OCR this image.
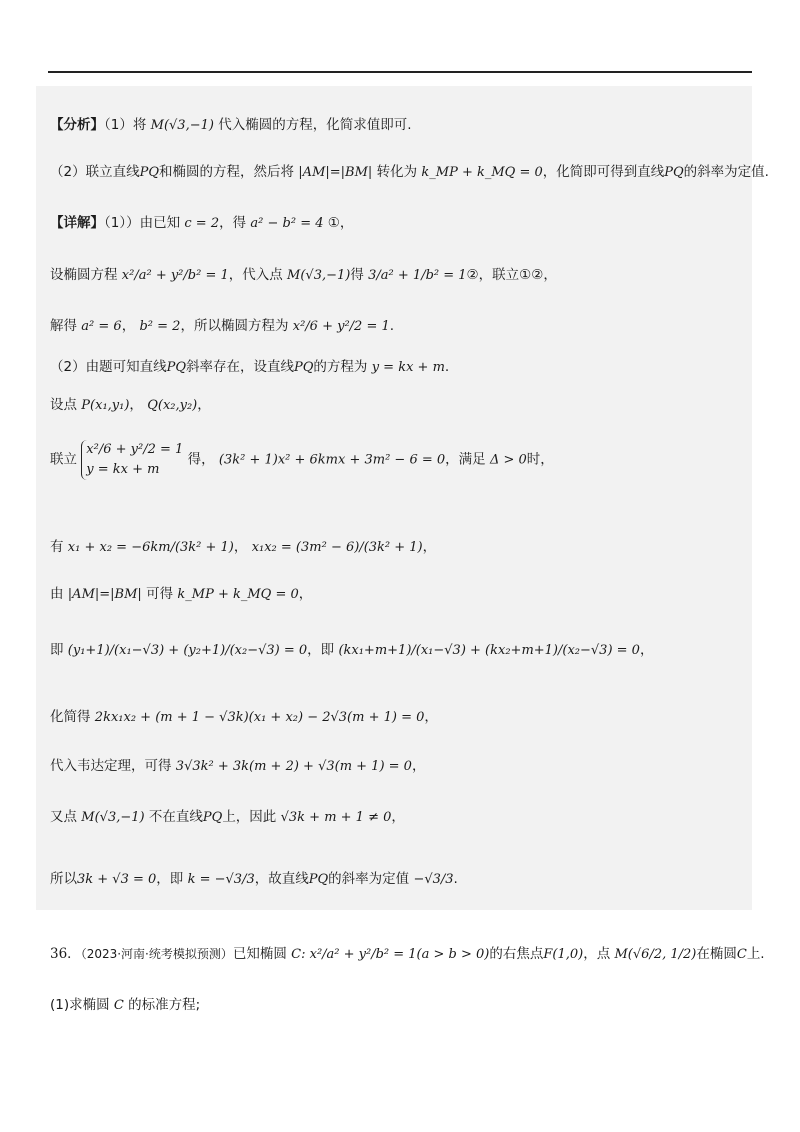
【分析】（1）将 M(√3,−1) 代入椭圆的方程，化简求值即可.
（2）联立直线PQ和椭圆的方程，然后将 |AM|=|BM| 转化为 k_MP + k_MQ = 0，化简即可得到直线PQ的斜率为定值.
【详解】（1））由已知 c = 2，得 a² − b² = 4 ①，
设椭圆方程 x²/a² + y²/b² = 1，代入点 M(√3,−1)得 3/a² + 1/b² = 1②，联立①②，
解得 a² = 6， b² = 2，所以椭圆方程为 x²/6 + y²/2 = 1.
（2）由题可知直线PQ斜率存在，设直线PQ的方程为 y = kx + m.
设点 P(x₁,y₁)， Q(x₂,y₂)，
联立
x²/6 + y²/2 = 1
y = kx + m
得， (3k² + 1)x² + 6kmx + 3m² − 6 = 0，满足 Δ > 0时，
有 x₁ + x₂ = −6km/(3k² + 1)， x₁x₂ = (3m² − 6)/(3k² + 1)，
由 |AM|=|BM| 可得 k_MP + k_MQ = 0，
即 (y₁+1)/(x₁−√3) + (y₂+1)/(x₂−√3) = 0，即 (kx₁+m+1)/(x₁−√3) + (kx₂+m+1)/(x₂−√3) = 0，
化简得 2kx₁x₂ + (m + 1 − √3k)(x₁ + x₂) − 2√3(m + 1) = 0，
代入韦达定理，可得 3√3k² + 3k(m + 2) + √3(m + 1) = 0，
又点 M(√3,−1) 不在直线PQ上，因此 √3k + m + 1 ≠ 0，
所以3k + √3 = 0，即 k = −√3/3，故直线PQ的斜率为定值 −√3/3.
36．（2023·河南·统考模拟预测）已知椭圆 C: x²/a² + y²/b² = 1(a > b > 0)的右焦点F(1,0)，点 M(√6/2, 1/2)在椭圆C上.
(1)求椭圆 C 的标准方程;
